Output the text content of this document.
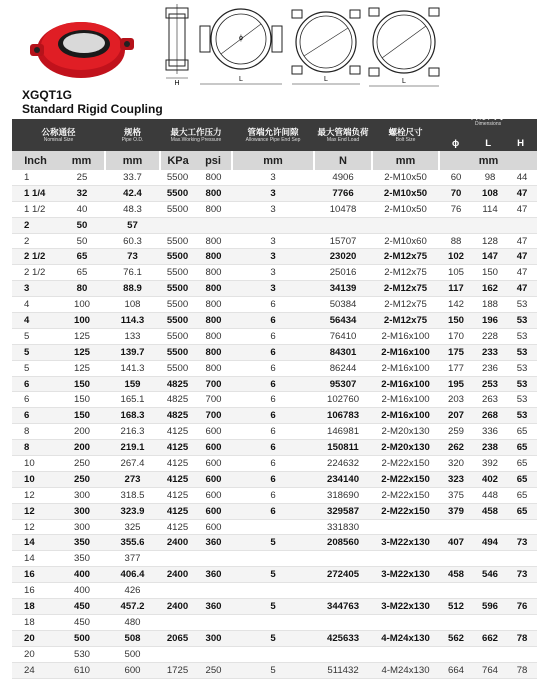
H
ϕ
L	L	L

XGQT1G

Standard Rigid Coupling

公称通径
Nominal Size		规格
Pipe O.D.	最大工作压力
Max.Working Pressure		管端允许间隙
Allowance Pipe End Sep	最大管端负荷
Max End Load	螺栓尺寸
Bolt Size	外形尺寸
Dimensions
ϕ L H		

Inch	mm	mm	KPa	psi	mm	N	mm	mm		
1	25	33.7	5500	800	3	4906	2-M10x50	60	98	44
1 1/4	32	42.4	5500	800	3	7766	2-M10x50	70	108	47
1 1/2	40	48.3	5500	800	3	10478	2-M10x50	76	114	47
2	50	57								
2	50	60.3	5500	800	3	15707	2-M10x60	88	128	47
2 1/2	65	73	5500	800	3	23020	2-M12x75	102	147	47
2 1/2	65	76.1	5500	800	3	25016	2-M12x75	105	150	47
3	80	88.9	5500	800	3	34139	2-M12x75	117	162	47
4	100	108	5500	800	6	50384	2-M12x75	142	188	53
4	100	114.3	5500	800	6	56434	2-M12x75	150	196	53
5	125	133	5500	800	6	76410	2-M16x100	170	228	53
5	125	139.7	5500	800	6	84301	2-M16x100	175	233	53
5	125	141.3	5500	800	6	86244	2-M16x100	177	236	53
6	150	159	4825	700	6	95307	2-M16x100	195	253	53
6	150	165.1	4825	700	6	102760	2-M16x100	203	263	53
6	150	168.3	4825	700	6	106783	2-M16x100	207	268	53
8	200	216.3	4125	600	6	146981	2-M20x130	259	336	65
8	200	219.1	4125	600	6	150811	2-M20x130	262	238	65
10	250	267.4	4125	600	6	224632	2-M22x150	320	392	65
10	250	273	4125	600	6	234140	2-M22x150	323	402	65
12	300	318.5	4125	600	6	318690	2-M22x150	375	448	65
12	300	323.9	4125	600	6	329587	2-M22x150	379	458	65
12	300	325	4125	600		331830				
14	350	355.6	2400	360	5	208560	3-M22x130	407	494	73
14	350	377								
16	400	406.4	2400	360	5	272405	3-M22x130	458	546	73
16	400	426								
18	450	457.2	2400	360	5	344763	3-M22x130	512	596	76
18	450	480								
20	500	508	2065	300	5	425633	4-M24x130	562	662	78
20	530	500								
24	610	600	1725	250	5	511432	4-M24x130	664	764	78
